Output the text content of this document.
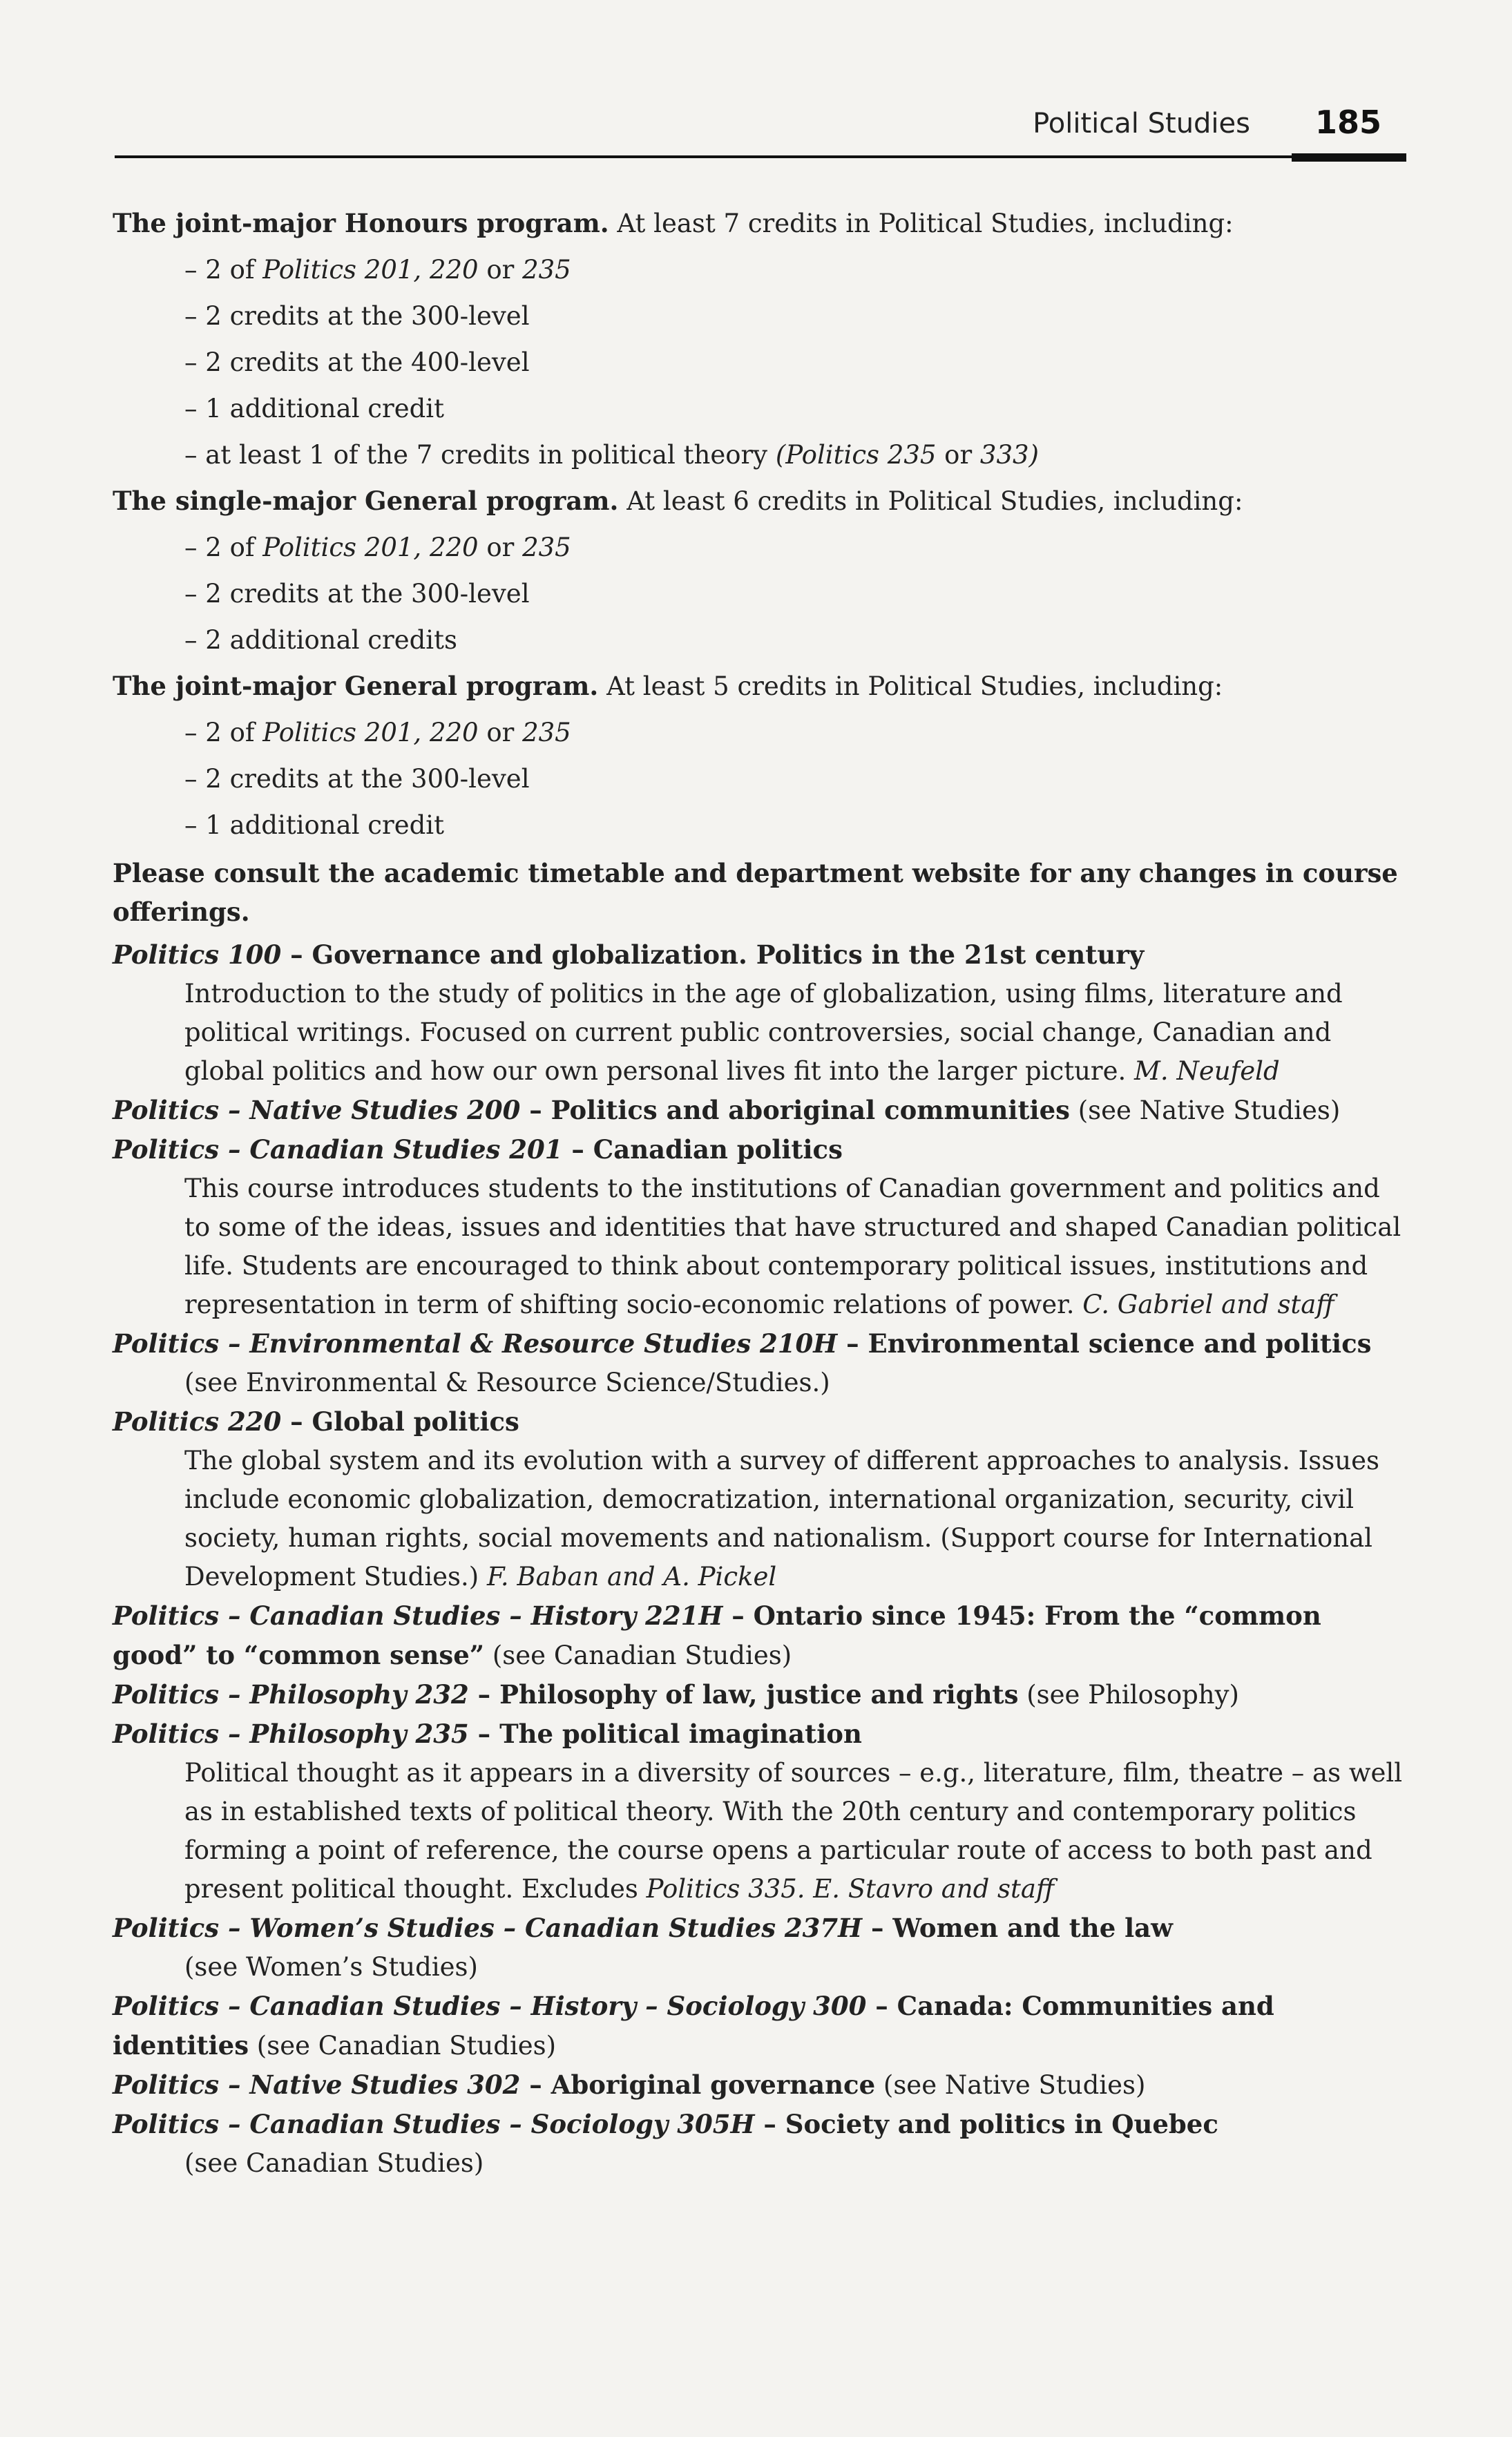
Political Studies 185

The joint-major Honours program. At least 7 credits in Political Studies, including:

– 2 of Politics 201, 220 or 235

– 2 credits at the 300-level

– 2 credits at the 400-level

– 1 additional credit

– at least 1 of the 7 credits in political theory (Politics 235 or 333)

The single-major General program. At least 6 credits in Political Studies, including:

– 2 of Politics 201, 220 or 235

– 2 credits at the 300-level

– 2 additional credits

The joint-major General program. At least 5 credits in Political Studies, including:

– 2 of Politics 201, 220 or 235

– 2 credits at the 300-level

– 1 additional credit

Please consult the academic timetable and department website for any changes in course offerings.

Politics 100 – Governance and globalization. Politics in the 21st century

Introduction to the study of politics in the age of globalization, using films, literature and political writings. Focused on current public controversies, social change, Canadian and global politics and how our own personal lives fit into the larger picture. M. Neufeld

Politics – Native Studies 200 – Politics and aboriginal communities (see Native Studies)

Politics – Canadian Studies 201 – Canadian politics

This course introduces students to the institutions of Canadian government and politics and to some of the ideas, issues and identities that have structured and shaped Canadian political life. Students are encouraged to think about contemporary political issues, institutions and representation in term of shifting socio-economic relations of power. C. Gabriel and staff

Politics – Environmental & Resource Studies 210H – Environmental science and politics

(see Environmental & Resource Science/Studies.)

Politics 220 – Global politics

The global system and its evolution with a survey of different approaches to analysis. Issues include economic globalization, democratization, international organization, security, civil society, human rights, social movements and nationalism. (Support course for International Development Studies.) F. Baban and A. Pickel

Politics – Canadian Studies – History 221H – Ontario since 1945: From the “common good” to “common sense” (see Canadian Studies)

Politics – Philosophy 232 – Philosophy of law, justice and rights (see Philosophy)

Politics – Philosophy 235 – The political imagination

Political thought as it appears in a diversity of sources – e.g., literature, film, theatre – as well as in established texts of political theory. With the 20th century and contemporary politics forming a point of reference, the course opens a particular route of access to both past and present political thought. Excludes Politics 335. E. Stavro and staff

Politics – Women’s Studies – Canadian Studies 237H – Women and the law

(see Women’s Studies)

Politics – Canadian Studies – History – Sociology 300 – Canada: Communities and identities (see Canadian Studies)

Politics – Native Studies 302 – Aboriginal governance (see Native Studies)

Politics – Canadian Studies – Sociology 305H – Society and politics in Quebec

(see Canadian Studies)
